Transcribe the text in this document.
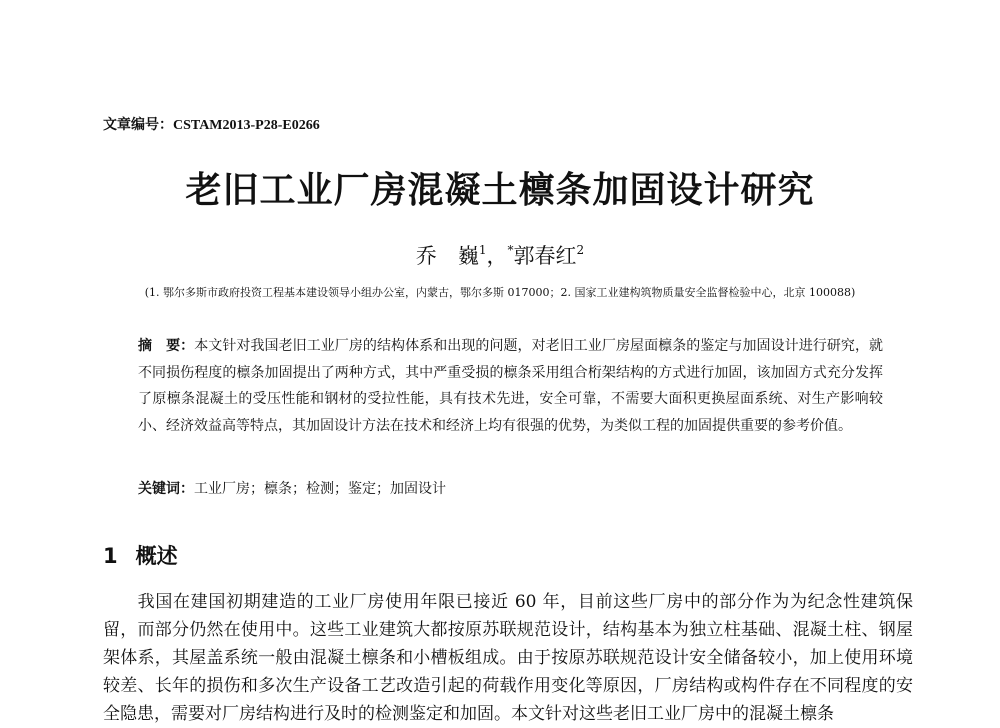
文章编号：CSTAM2013-P28-E0266
老旧工业厂房混凝土檩条加固设计研究
乔　巍$^1$，*郭春红$^2$
(1. 鄂尔多斯市政府投资工程基本建设领导小组办公室，内蒙古，鄂尔多斯 017000；2. 国家工业建构筑物质量安全监督检验中心，北京 100088)
摘　要：本文针对我国老旧工业厂房的结构体系和出现的问题，对老旧工业厂房屋面檩条的鉴定与加固设计进行研究，就不同损伤程度的檩条加固提出了两种方式，其中严重受损的檩条采用组合桁架结构的方式进行加固，该加固方式充分发挥了原檩条混凝土的受压性能和钢材的受拉性能，具有技术先进，安全可靠，不需要大面积更换屋面系统、对生产影响较小、经济效益高等特点，其加固设计方法在技术和经济上均有很强的优势，为类似工程的加固提供重要的参考价值。
关键词：工业厂房；檩条；检测；鉴定；加固设计
1 概述
我国在建国初期建造的工业厂房使用年限已接近 60 年，目前这些厂房中的部分作为为纪念性建筑保留，而部分仍然在使用中。这些工业建筑大都按原苏联规范设计，结构基本为独立柱基础、混凝土柱、钢屋架体系，其屋盖系统一般由混凝土檩条和小槽板组成。由于按原苏联规范设计安全储备较小，加上使用环境较差、长年的损伤和多次生产设备工艺改造引起的荷载作用变化等原因，厂房结构或构件存在不同程度的安全隐患，需要对厂房结构进行及时的检测鉴定和加固。本文针对这些老旧工业厂房中的混凝土檩条
